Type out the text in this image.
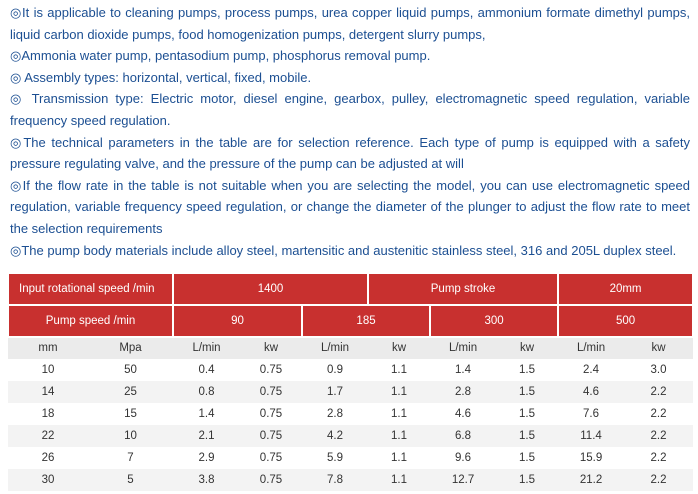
◎It is applicable to cleaning pumps, process pumps, urea copper liquid pumps, ammonium formate dimethyl pumps, liquid carbon dioxide pumps, food homogenization pumps, detergent slurry pumps,

◎Ammonia water pump, pentasodium pump, phosphorus removal pump.

◎ Assembly types: horizontal, vertical, fixed, mobile.

◎ Transmission type: Electric motor, diesel engine, gearbox, pulley, electromagnetic speed regulation, variable frequency speed regulation.

◎The technical parameters in the table are for selection reference. Each type of pump is equipped with a safety pressure regulating valve, and the pressure of the pump can be adjusted at will

◎If the flow rate in the table is not suitable when you are selecting the model, you can use electromagnetic speed regulation, variable frequency speed regulation, or change the diameter of the plunger to adjust the flow rate to meet the selection requirements

◎The pump body materials include alloy steel, martensitic and austenitic stainless steel, 316 and 205L duplex steel.

Input rotational speed /min		1400			Pump stroke			20mm	
Pump speed /min		90		185		300		500	
mm	Mpa	L/min	kw	L/min	kw	L/min	kw	L/min	kw
10	50	0.4	0.75	0.9	1.1	1.4	1.5	2.4	3.0
14	25	0.8	0.75	1.7	1.1	2.8	1.5	4.6	2.2
18	15	1.4	0.75	2.8	1.1	4.6	1.5	7.6	2.2
22	10	2.1	0.75	4.2	1.1	6.8	1.5	11.4	2.2
26	7	2.9	0.75	5.9	1.1	9.6	1.5	15.9	2.2
30	5	3.8	0.75	7.8	1.1	12.7	1.5	21.2	2.2
